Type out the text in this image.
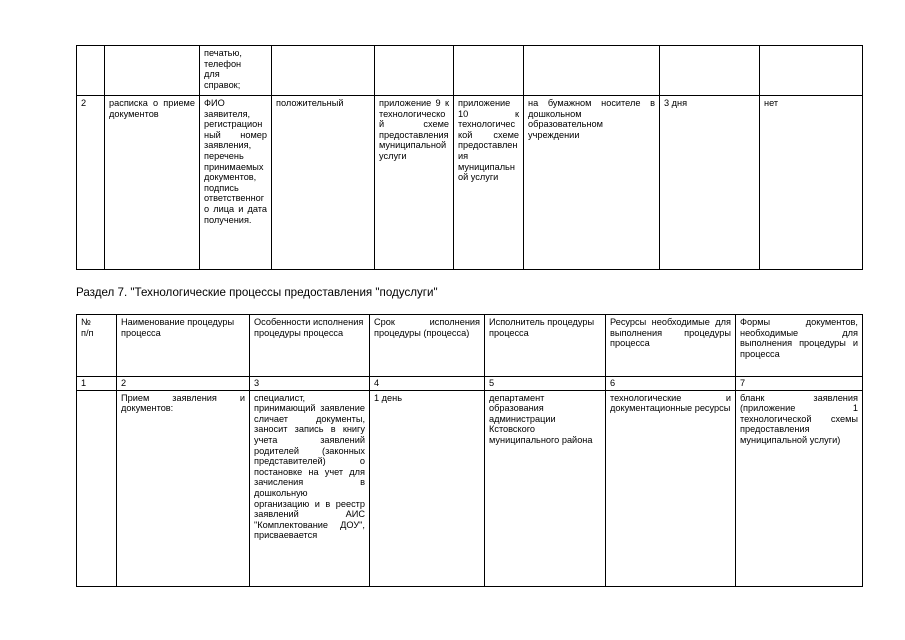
		печатью,
телефон
для
справок;						
2	расписка о приеме документов	ФИО заявителя, регистрационный номер заявления, перечень принимаемых документов, подпись ответственного лица и дата получения.	положительный	приложение 9 к технологической схеме предоставления муниципальной услуги	приложение 10 к технологической схеме предоставления муниципальной услуги	на бумажном носителе в дошкольном образовательном учреждении	3 дня	нет
Раздел 7. "Технологические процессы предоставления "подуслуги"
№
п/п	Наименование процедуры процесса	Особенности исполнения процедуры процесса	Срок исполнения процедуры (процесса)	Исполнитель процедуры процесса	Ресурсы необходимые для выполнения процедуры процесса	Формы документов, необходимые для выполнения процедуры и процесса
1	2	3	4	5	6	7
	Прием заявления и документов:	специалист, принимающий заявление сличает документы, заносит запись в книгу учета заявлений родителей (законных представителей) о постановке на учет для зачисления в дошкольную организацию и в реестр заявлений АИС "Комплектование ДОУ", присваевается	1 день	департамент образования администрации Кстовского муниципального района	технологические и документационные ресурсы	бланк заявления (приложение 1 технологической схемы предоставления муниципальной услуги)
